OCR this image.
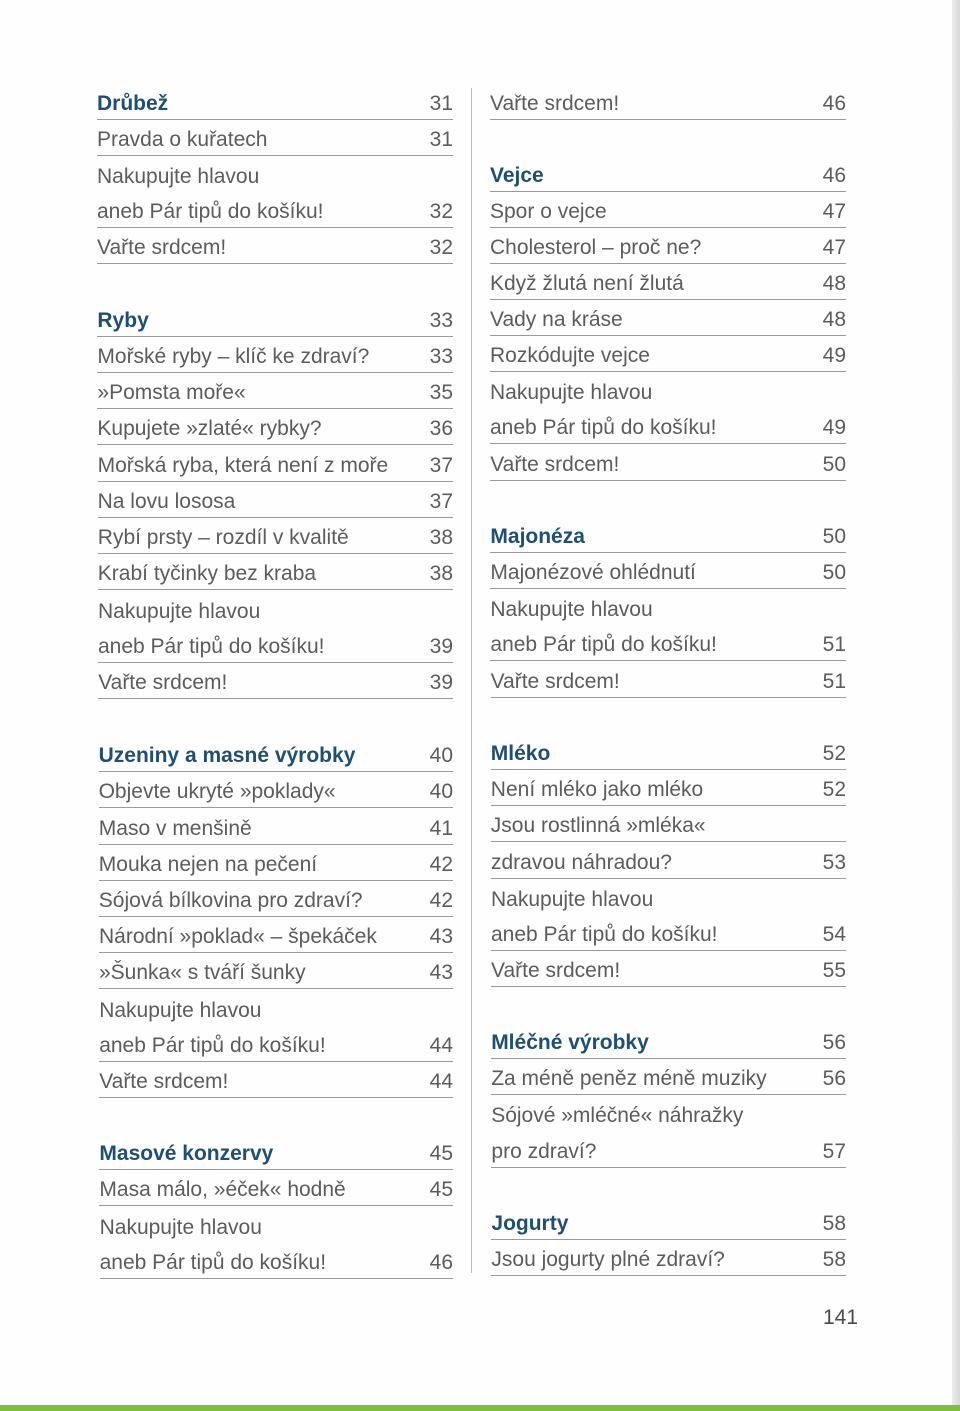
Drůbež	31
Pravda o kuřatech	31
Nakupujte hlavou
aneb Pár tipů do košíku!	32
Vařte srdcem!	32
Ryby	33
Mořské ryby – klíč ke zdraví?	33
»Pomsta moře«	35
Kupujete »zlaté« rybky?	36
Mořská ryba, která není z moře	37
Na lovu lososa	37
Rybí prsty – rozdíl v kvalitě	38
Krabí tyčinky bez kraba	38
Nakupujte hlavou
aneb Pár tipů do košíku!	39
Vařte srdcem!	39
Uzeniny a masné výrobky	40
Objevte ukryté »poklady«	40
Maso v menšině	41
Mouka nejen na pečení	42
Sójová bílkovina pro zdraví?	42
Národní »poklad« – špekáček	43
»Šunka« s tváří šunky	43
Nakupujte hlavou
aneb Pár tipů do košíku!	44
Vařte srdcem!	44
Masové konzervy	45
Masa málo, »éček« hodně	45
Nakupujte hlavou
aneb Pár tipů do košíku!	46
Vařte srdcem!	46
Vejce	46
Spor o vejce	47
Cholesterol – proč ne?	47
Když žlutá není žlutá	48
Vady na kráse	48
Rozkódujte vejce	49
Nakupujte hlavou
aneb Pár tipů do košíku!	49
Vařte srdcem!	50
Majonéza	50
Majonézové ohlédnutí	50
Nakupujte hlavou
aneb Pár tipů do košíku!	51
Vařte srdcem!	51
Mléko	52
Není mléko jako mléko	52
Jsou rostlinná »mléka«
zdravou náhradou?	53
Nakupujte hlavou
aneb Pár tipů do košíku!	54
Vařte srdcem!	55
Mléčné výrobky	56
Za méně peněz méně muziky	56
Sójové »mléčné« náhražky
pro zdraví?	57
Jogurty	58
Jsou jogurty plné zdraví?	58
141
